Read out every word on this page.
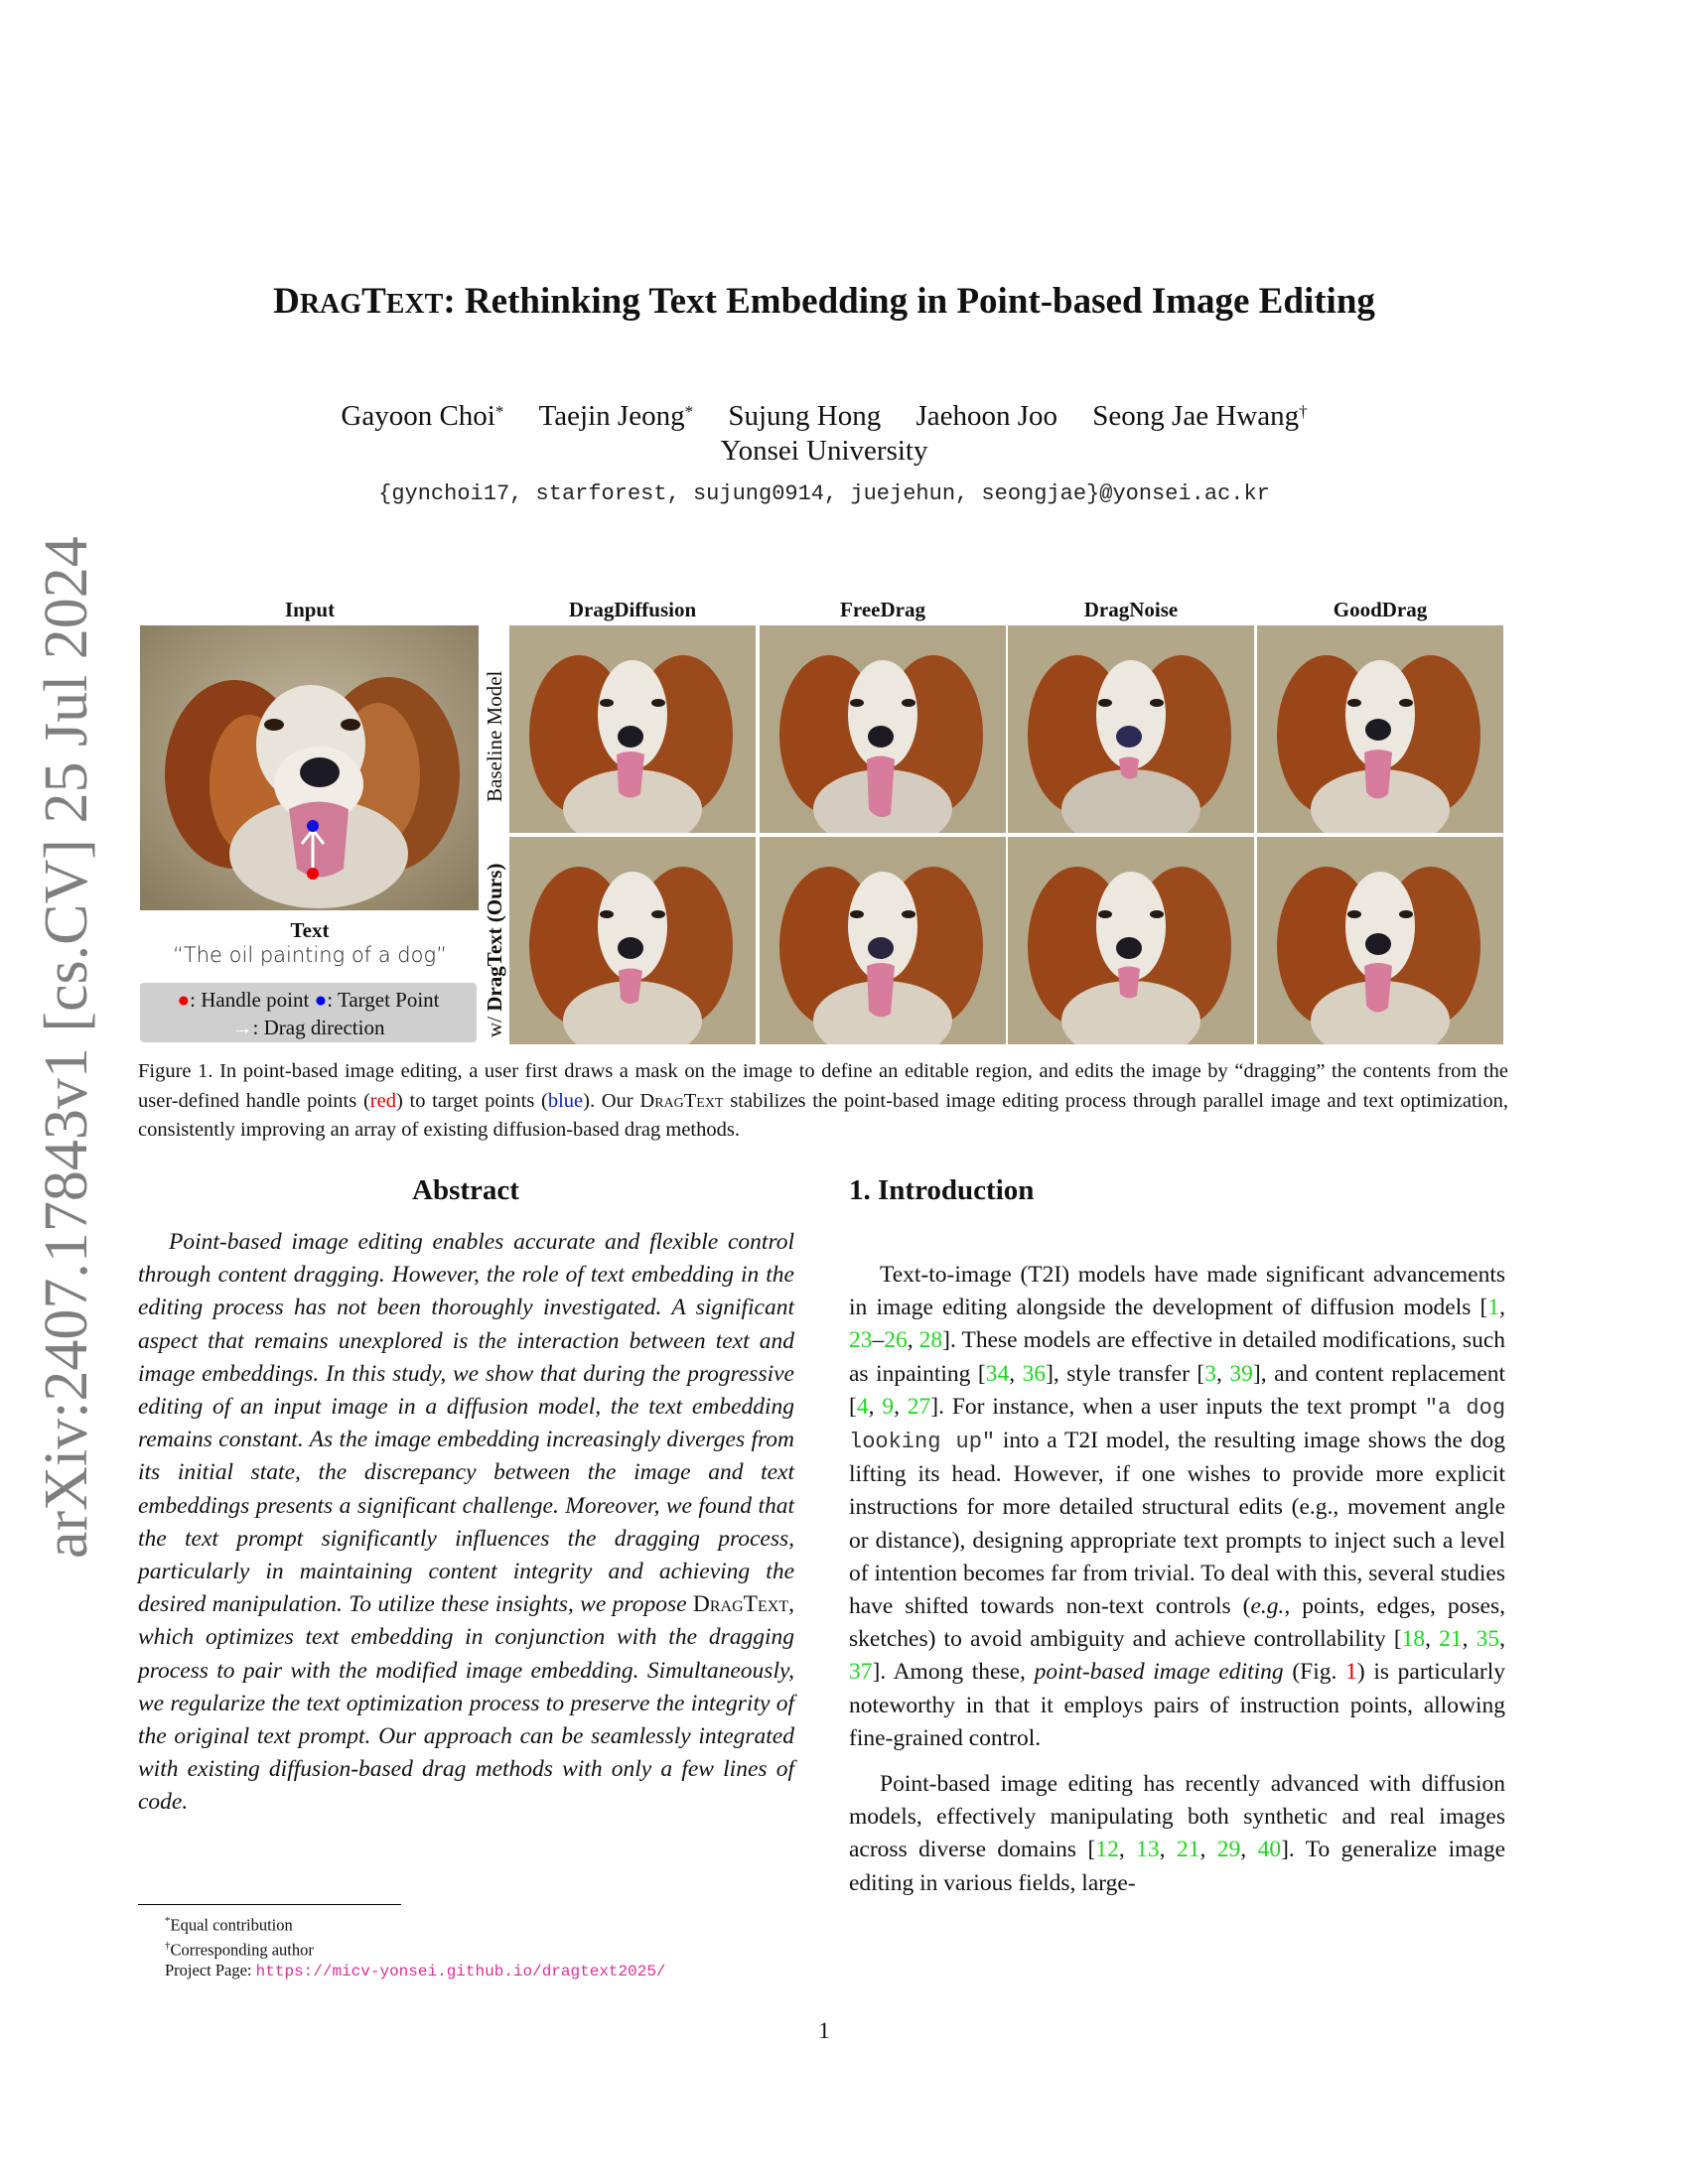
arXiv:2407.17843v1 [cs.CV] 25 Jul 2024
DRAGTEXT: Rethinking Text Embedding in Point-based Image Editing
Gayoon Choi* Taejin Jeong* Sujung Hong Jaehoon Joo Seong Jae Hwang†
Yonsei University
{gynchoi17, starforest, sujung0914, juejehun, seongjae}@yonsei.ac.kr
Input	DragDiffusion	FreeDrag	DragNoise	GoodDrag
Baseline Model
w/ DragText (Ours)
Text
“The oil painting of a dog”
●: Handle point ●: Target Point
→: Drag direction
Figure 1. In point-based image editing, a user first draws a mask on the image to define an editable region, and edits the image by “dragging” the contents from the user-defined handle points (red) to target points (blue). Our DragText stabilizes the point-based image editing process through parallel image and text optimization, consistently improving an array of existing diffusion-based drag methods.
Abstract

Point-based image editing enables accurate and flexible control through content dragging. However, the role of text embedding in the editing process has not been thoroughly investigated. A significant aspect that remains unexplored is the interaction between text and image embeddings. In this study, we show that during the progressive editing of an input image in a diffusion model, the text embedding remains constant. As the image embedding increasingly diverges from its initial state, the discrepancy between the image and text embeddings presents a significant challenge. Moreover, we found that the text prompt significantly influences the dragging process, particularly in maintaining content integrity and achieving the desired manipulation. To utilize these insights, we propose DragText, which optimizes text embedding in conjunction with the dragging process to pair with the modified image embedding. Simultaneously, we regularize the text optimization process to preserve the integrity of the original text prompt. Our approach can be seamlessly integrated with existing diffusion-based drag methods with only a few lines of code.

*Equal contribution
†Corresponding author
Project Page: https://micv-yonsei.github.io/dragtext2025/
1. Introduction

Text-to-image (T2I) models have made significant advancements in image editing alongside the development of diffusion models [1, 23–26, 28]. These models are effective in detailed modifications, such as inpainting [34, 36], style transfer [3, 39], and content replacement [4, 9, 27]. For instance, when a user inputs the text prompt "a dog looking up" into a T2I model, the resulting image shows the dog lifting its head. However, if one wishes to provide more explicit instructions for more detailed structural edits (e.g., movement angle or distance), designing appropriate text prompts to inject such a level of intention becomes far from trivial. To deal with this, several studies have shifted towards non-text controls (e.g., points, edges, poses, sketches) to avoid ambiguity and achieve controllability [18, 21, 35, 37]. Among these, point-based image editing (Fig. 1) is particularly noteworthy in that it employs pairs of instruction points, allowing fine-grained control.

Point-based image editing has recently advanced with diffusion models, effectively manipulating both synthetic and real images across diverse domains [12, 13, 21, 29, 40]. To generalize image editing in various fields, large-

1
